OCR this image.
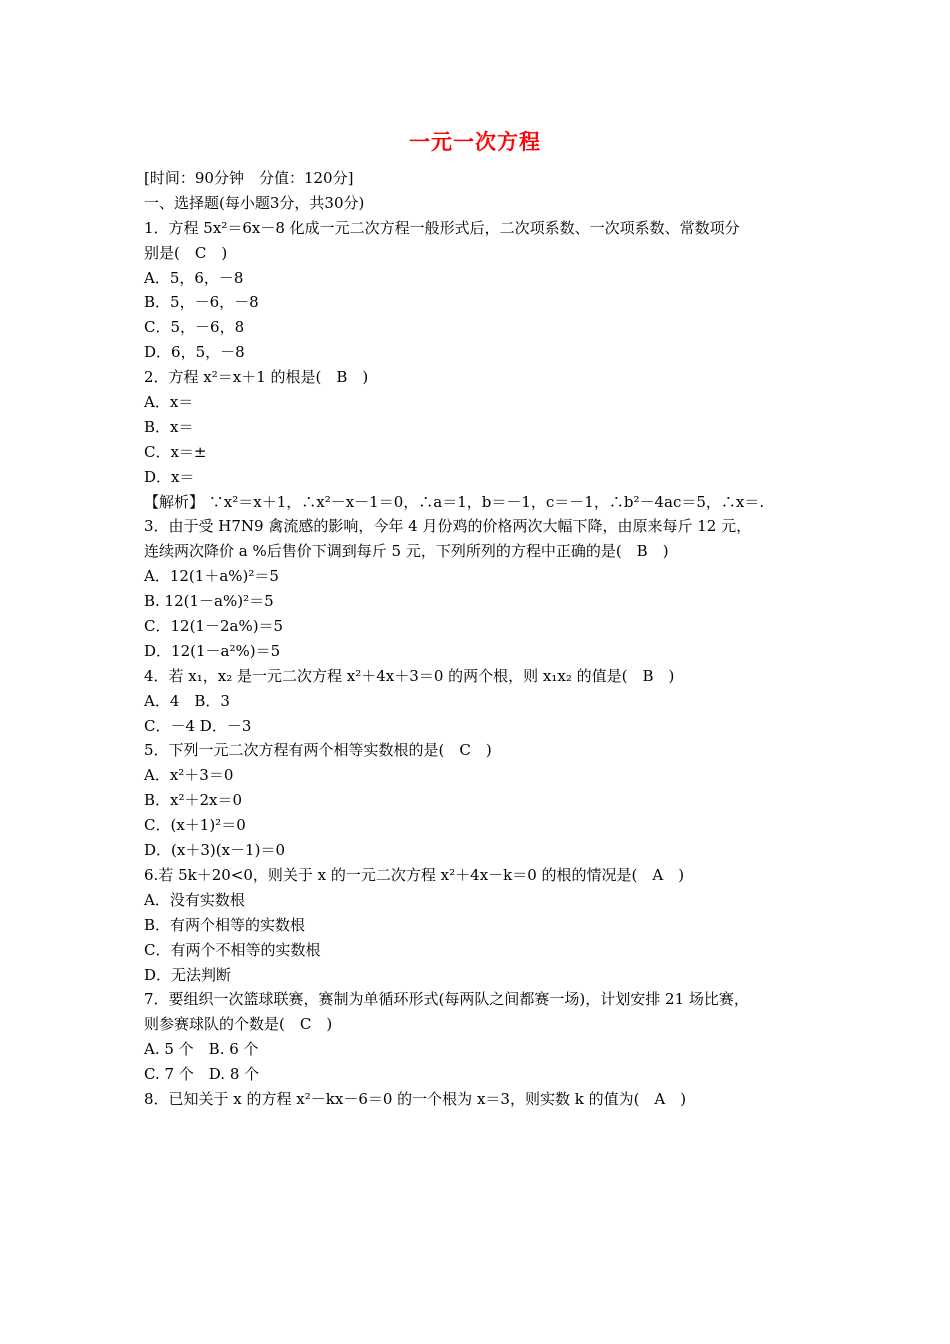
一元一次方程
[时间：90分钟　分值：120分]
一、选择题(每小题3分，共30分)
1．方程 5x²＝6x－8 化成一元二次方程一般形式后，二次项系数、一次项系数、常数项分
别是(　C　)
A．5，6，－8
B．5，－6，－8
C．5，－6，8
D．6，5，－8
2．方程 x²＝x＋1 的根是(　B　)
A．x＝
B．x＝
C．x＝±
D．x＝
【解析】 ∵x²＝x＋1，∴x²－x－1＝0，∴a＝1，b＝－1，c＝－1，∴b²－4ac＝5，∴x＝.
3．由于受 H7N9 禽流感的影响，今年 4 月份鸡的价格两次大幅下降，由原来每斤 12 元，
连续两次降价 a %后售价下调到每斤 5 元，下列所列的方程中正确的是(　B　)
A．12(1＋a%)²＝5
B. 12(1－a%)²＝5
C．12(1－2a%)＝5
D．12(1－a²%)＝5
4．若 x₁，x₂ 是一元二次方程 x²＋4x＋3＝0 的两个根，则 x₁x₂ 的值是(　B　)
A．4　B．3
C．－4 D．－3
5．下列一元二次方程有两个相等实数根的是(　C　)
A．x²＋3＝0
B．x²＋2x＝0
C．(x＋1)²＝0
D．(x＋3)(x－1)＝0
6.若 5k＋20<0，则关于 x 的一元二次方程 x²＋4x－k＝0 的根的情况是(　A　)
A．没有实数根
B．有两个相等的实数根
C．有两个不相等的实数根
D．无法判断
7．要组织一次篮球联赛，赛制为单循环形式(每两队之间都赛一场)，计划安排 21 场比赛，
则参赛球队的个数是(　C　)
A. 5 个　B. 6 个
C. 7 个　D. 8 个
8．已知关于 x 的方程 x²－kx－6＝0 的一个根为 x＝3，则实数 k 的值为(　A　)
